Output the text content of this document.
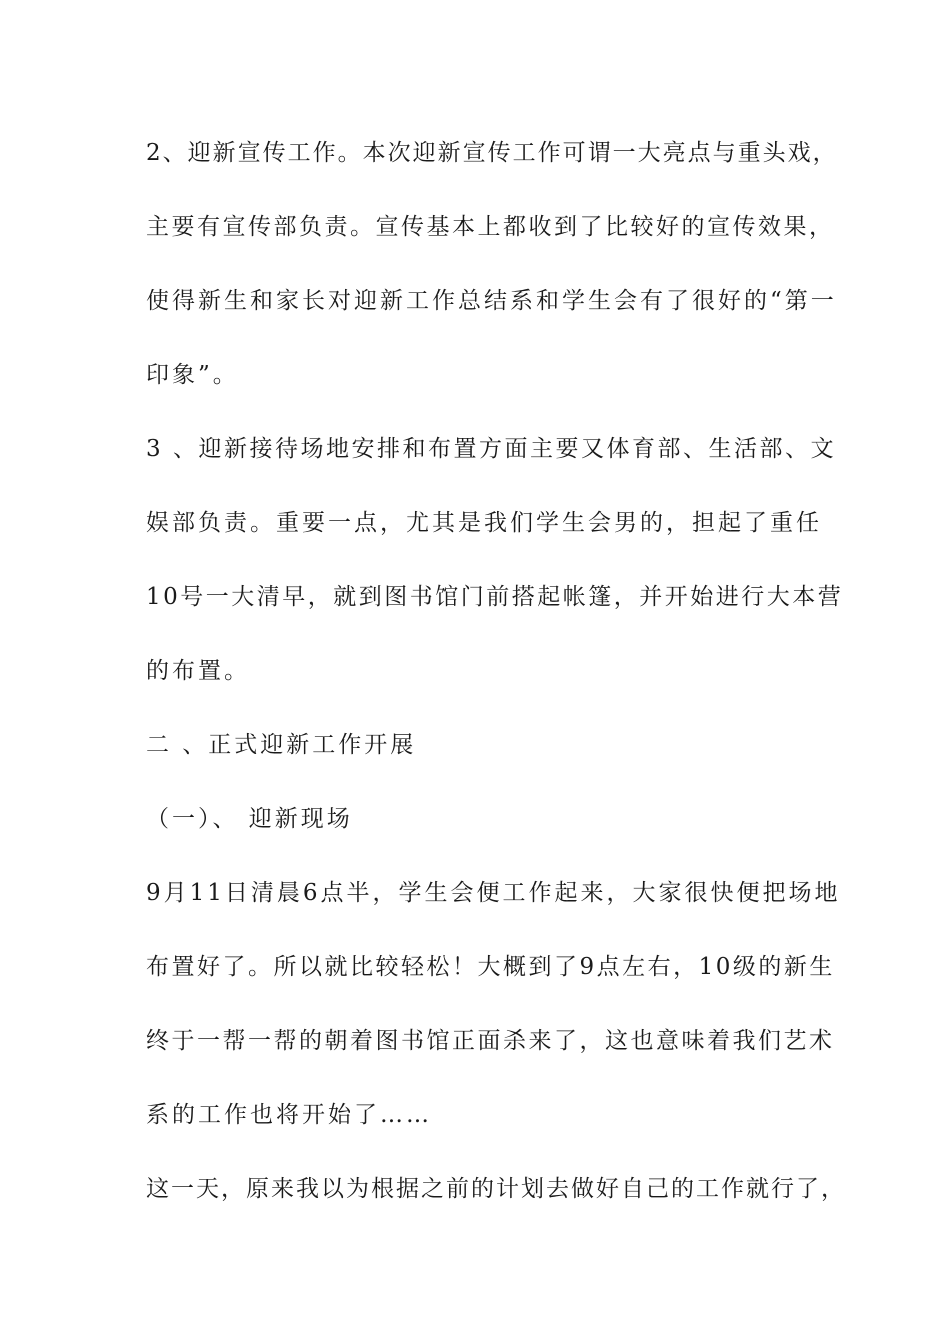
2、迎新宣传工作。本次迎新宣传工作可谓一大亮点与重头戏，
主要有宣传部负责。宣传基本上都收到了比较好的宣传效果，
使得新生和家长对迎新工作总结系和学生会有了很好的“第一
印象”。
3 、迎新接待场地安排和布置方面主要又体育部、生活部、文
娱部负责。重要一点，尤其是我们学生会男的，担起了重任
10号一大清早，就到图书馆门前搭起帐篷，并开始进行大本营
的布置。
二 、正式迎新工作开展
（一）、 迎新现场
9月11日清晨6点半，学生会便工作起来，大家很快便把场地
布置好了。所以就比较轻松！大概到了9点左右，10级的新生
终于一帮一帮的朝着图书馆正面杀来了，这也意味着我们艺术
系的工作也将开始了……
这一天，原来我以为根据之前的计划去做好自己的工作就行了，
